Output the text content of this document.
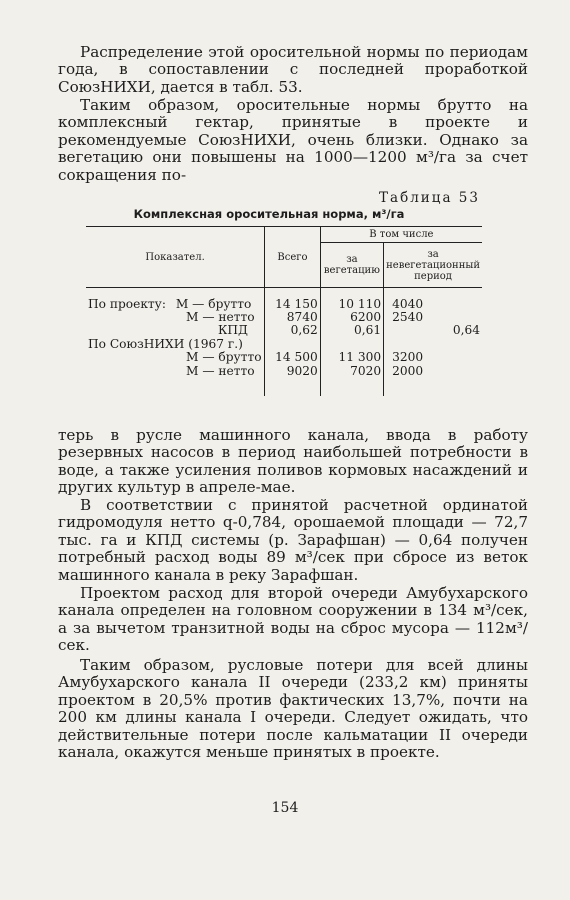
Распределение этой оросительной нормы по периодам года, в сопоставлении с последней проработкой СоюзНИХИ, дается в табл. 53.

Таким образом, оросительные нормы брутто на комплексный гектар, принятые в проекте и рекомендуемые СоюзНИХИ, очень близки. Однако за вегетацию они повышены на 1000—1200 м³/га за счет сокращения по-

Таблица 53
Комплексная оросительная норма, м³/га
Показател.	Всего	В том числе	
		за вегетацию	за невегетационный период

По проекту: М — брутто	14 150	10 110	4040
М — нетто	8740	6200	2540
КПД	0,62	0,61	0,64
По СоюзНИХИ (1967 г.)			
М — брутто	14 500	11 300	3200
М — нетто	9020	7020	2000

терь в русле машинного канала, ввода в работу резервных насосов в период наибольшей потребности в воде, а также усиления поливов кормовых насаждений и других культур в апреле-мае.

В соответствии с принятой расчетной ординатой гидромодуля нетто q-0,784, орошаемой площади — 72,7 тыс. га и КПД системы (р. Зарафшан) — 0,64 получен потребный расход воды 89 м³/сек при сбросе из веток машинного канала в реку Зарафшан.

Проектом расход для второй очереди Амубухарского канала определен на головном сооружении в 134 м³/сек, а за вычетом транзитной воды на сброс мусора — 112м³/сек.

Таким образом, русловые потери для всей длины Амубухарского канала II очереди (233,2 км) приняты проектом в 20,5% против фактических 13,7%, почти на 200 км длины канала I очереди. Следует ожидать, что действительные потери после кальматации II очереди канала, окажутся меньше принятых в проекте.

154
